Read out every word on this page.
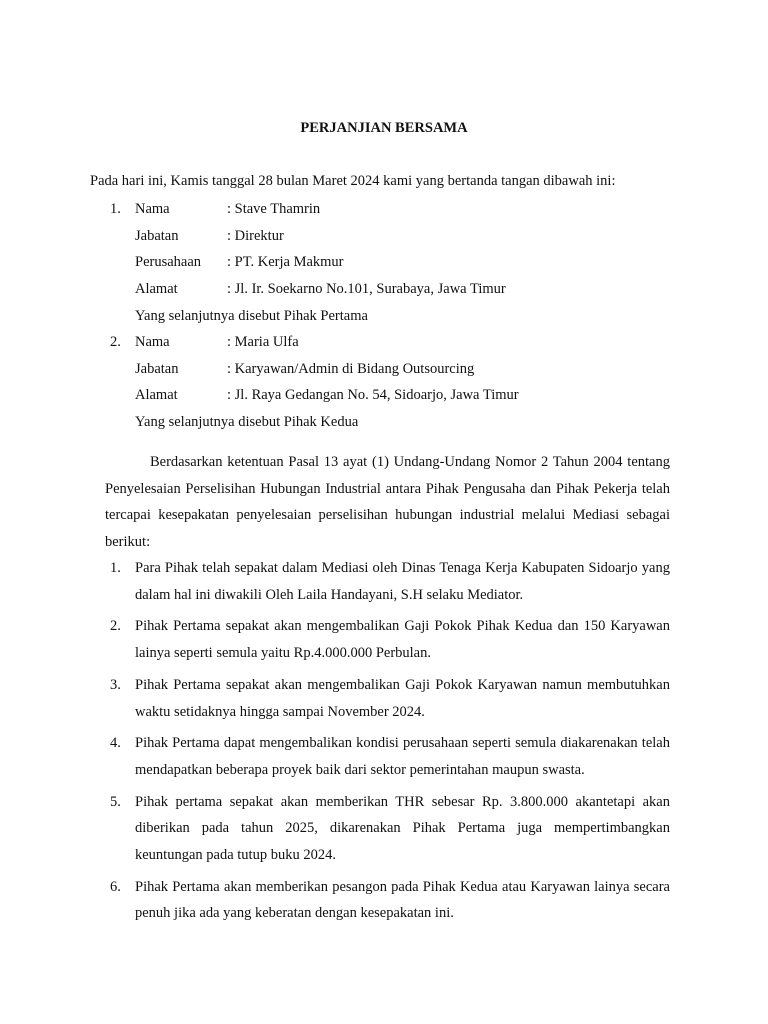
PERJANJIAN BERSAMA

Pada hari ini, Kamis tanggal 28 bulan Maret 2024 kami yang bertanda tangan dibawah ini:

1. Nama	: Stave Thamrin
Jabatan	: Direktur
Perusahaan	: PT. Kerja Makmur
Alamat	: Jl. Ir. Soekarno No.101, Surabaya, Jawa Timur
Yang selanjutnya disebut Pihak Pertama
2. Nama	: Maria Ulfa
Jabatan	: Karyawan/Admin di Bidang Outsourcing
Alamat	: Jl. Raya Gedangan No. 54, Sidoarjo, Jawa Timur
Yang selanjutnya disebut Pihak Kedua

Berdasarkan ketentuan Pasal 13 ayat (1) Undang-Undang Nomor 2 Tahun 2004 tentang Penyelesaian Perselisihan Hubungan Industrial antara Pihak Pengusaha dan Pihak Pekerja telah tercapai kesepakatan penyelesaian perselisihan hubungan industrial melalui Mediasi sebagai berikut:

1. Para Pihak telah sepakat dalam Mediasi oleh Dinas Tenaga Kerja Kabupaten Sidoarjo yang dalam hal ini diwakili Oleh Laila Handayani, S.H selaku Mediator.
2. Pihak Pertama sepakat akan mengembalikan Gaji Pokok Pihak Kedua dan 150 Karyawan lainya seperti semula yaitu Rp.4.000.000 Perbulan.
3. Pihak Pertama sepakat akan mengembalikan Gaji Pokok Karyawan namun membutuhkan waktu setidaknya hingga sampai November 2024.
4. Pihak Pertama dapat mengembalikan kondisi perusahaan seperti semula diakarenakan telah mendapatkan beberapa proyek baik dari sektor pemerintahan maupun swasta.
5. Pihak pertama sepakat akan memberikan THR sebesar Rp. 3.800.000 akantetapi akan diberikan pada tahun 2025, dikarenakan Pihak Pertama juga mempertimbangkan keuntungan pada tutup buku 2024.
6. Pihak Pertama akan memberikan pesangon pada Pihak Kedua atau Karyawan lainya secara penuh jika ada yang keberatan dengan kesepakatan ini.
